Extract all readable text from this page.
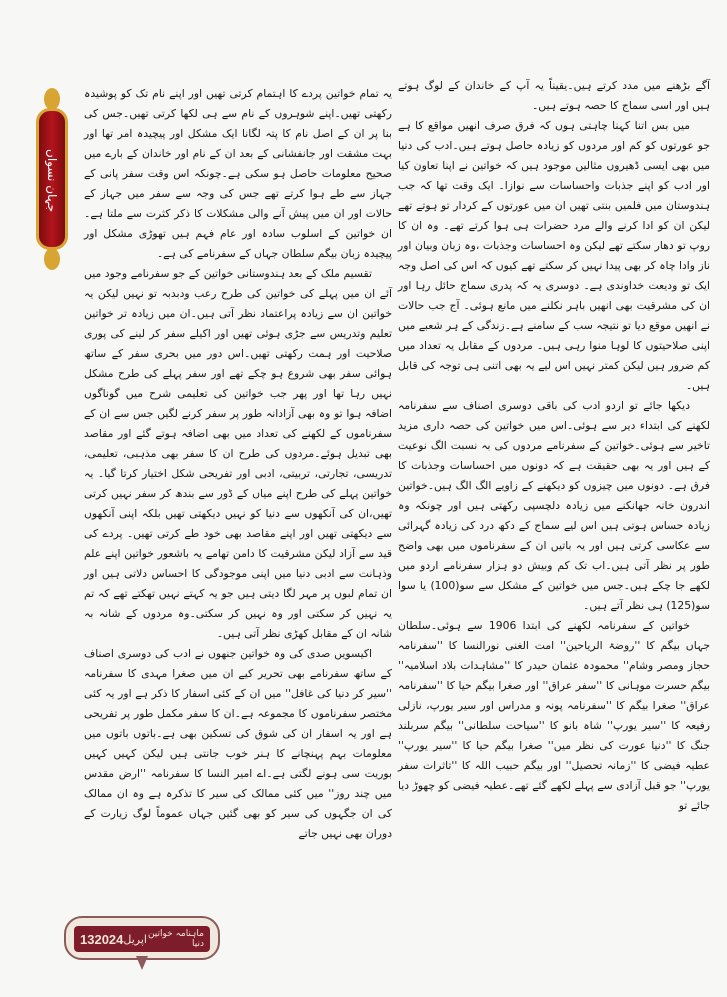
جہان نسواں

آگے بڑھنے میں مدد کرتے ہیں۔یقیناً یہ آپ کے خاندان کے لوگ ہوتے ہیں اور اسی سماج کا حصہ ہوتے ہیں۔

میں بس اتنا کہنا چاہتی ہوں کہ فرق صرف انھیں مواقع کا ہے جو عورتوں کو کم اور مردوں کو زیادہ حاصل ہوتے ہیں۔ادب کی دنیا میں بھی ایسی ڈھیروں مثالیں موجود ہیں کہ خواتین نے اپنا تعاون کیا اور ادب کو اپنے جذبات واحساسات سے نوازا۔ ایک وقت تھا کہ جب ہندوستان میں فلمیں بنتی تھیں ان میں عورتوں کے کردار تو ہوتے تھے لیکن ان کو ادا کرنے والے مرد حضرات ہی ہوا کرتے تھے۔ وہ ان کا روپ تو دھار سکتے تھے لیکن وہ احساسات وجذبات ،وہ زبان وبیان اور ناز وادا چاہ کر بھی پیدا نہیں کر سکتے تھے کیوں کہ اس کی اصل وجہ ایک تو ودیعت خداوندی ہے۔ دوسری یہ کہ پدری سماج حائل رہا اور ان کی مشرقیت بھی انھیں باہر نکلنے میں مانع ہوئی۔ آج جب حالات نے انھیں موقع دیا تو نتیجہ سب کے سامنے ہے۔زندگی کے ہر شعبے میں اپنی صلاحیتوں کا لوہا منوا رہی ہیں۔ مردوں کے مقابل یہ تعداد میں کم ضرور ہیں لیکن کمتر نہیں اس لیے یہ بھی اتنی ہی توجہ کی قابل ہیں۔

دیکھا جائے تو اردو ادب کی باقی دوسری اصناف سے سفرنامہ لکھنے کی ابتداء دیر سے ہوئی۔اس میں خواتین کی حصہ داری مزید تاخیر سے ہوئی۔خواتین کے سفرنامے مردوں کی بہ نسبت الگ نوعیت کے ہیں اور یہ بھی حقیقت ہے کہ دونوں میں احساسات وجذبات کا فرق ہے۔ دونوں میں چیزوں کو دیکھنے کے زاویے الگ الگ ہیں۔خواتین اندرون خانہ جھانکنے میں زیادہ دلچسپی رکھتی ہیں اور چونکہ وہ زیادہ حساس ہوتی ہیں اس لیے سماج کے دکھ درد کی زیادہ گہرائی سے عکاسی کرتی ہیں اور یہ باتیں ان کے سفرناموں میں بھی واضح طور پر نظر آتی ہیں۔اب تک کم وبیش دو ہزار سفرنامے اردو میں لکھے جا چکے ہیں۔جس میں خواتین کے مشکل سے سو(100) یا سوا سو(125) ہی نظر آتے ہیں۔

خواتین کے سفرنامہ لکھنے کی ابتدا 1906 سے ہوئی۔سلطان جہاں بیگم کا ''روضۃ الریاحین'' امت الغنی نورالنسا کا ''سفرنامہ حجاز ومصر وشام'' محمودہ عثمان حیدر کا ''مشاہدات بلاد اسلامیہ'' بیگم حسرت موہانی کا ''سفر عراق'' اور صغرا بیگم حیا کا ''سفرنامہ عراق'' صغرا بیگم کا ''سفرنامہ پونہ و مدراس اور سیر یورپ، نازلی رفیعہ کا ''سیر یورپ'' شاہ بانو کا ''سیاحت سلطانی'' بیگم سربلند جنگ کا ''دنیا عورت کی نظر میں'' صغرا بیگم حیا کا ''سیر یورپ'' عطیہ فیضی کا ''زمانہ تحصیل'' اور بیگم حبیب اللہ کا ''تاثرات سفر یورپ'' جو قبل آزادی سے پہلے لکھے گئے تھے۔عطیہ فیضی کو چھوڑ دیا جائے تو

یہ تمام خواتین پردے کا اہتمام کرتی تھیں اور اپنے نام تک کو پوشیدہ رکھتی تھیں۔اپنے شوہروں کے نام سے ہی لکھا کرتی تھیں۔جس کی بنا پر ان کے اصل نام کا پتہ لگانا ایک مشکل اور پیچیدہ امر تھا اور بہت مشقت اور جانفشانی کے بعد ان کے نام اور خاندان کے بارے میں صحیح معلومات حاصل ہو سکی ہے۔چونکہ اس وقت سفر پانی کے جہاز سے طے ہوا کرتے تھے جس کی وجہ سے سفر میں جہاز کے حالات اور ان میں پیش آنے والی مشکلات کا ذکر کثرت سے ملتا ہے۔ان خواتین کے اسلوب سادہ اور عام فہم ہیں تھوڑی مشکل اور پیچیدہ زبان بیگم سلطان جہاں کے سفرنامے کی ہے۔

تقسیم ملک کے بعد ہندوستانی خواتین کے جو سفرنامے وجود میں آئے ان میں پہلے کی خواتین کی طرح رعب ودبدبہ تو نہیں لیکن یہ خواتین ان سے زیادہ پراعتماد نظر آتی ہیں۔ان میں زیادہ تر خواتین تعلیم وتدریس سے جڑی ہوئی تھیں اور اکیلے سفر کر لینے کی پوری صلاحیت اور ہمت رکھتی تھیں۔اس دور میں بحری سفر کے ساتھ ہوائی سفر بھی شروع ہو چکے تھے اور سفر پہلے کی طرح مشکل نہیں رہا تھا اور پھر جب خواتین کی تعلیمی شرح میں گوناگوں اضافہ ہوا تو وہ بھی آزادانہ طور پر سفر کرنے لگیں جس سے ان کے سفرناموں کے لکھنے کی تعداد میں بھی اضافہ ہوتے گئے اور مقاصد بھی تبدیل ہوئے۔مردوں کی طرح ان کا سفر بھی مذہبی، تعلیمی، تدریسی، تجارتی، تربیتی، ادبی اور تفریحی شکل اختیار کرتا گیا۔ یہ خواتین پہلے کی طرح اپنے میاں کے ڈور سے بندھ کر سفر نہیں کرتی تھیں،ان کی آنکھوں سے دنیا کو نہیں دیکھتی تھیں بلکہ اپنی آنکھوں سے دیکھتی تھیں اور اپنے مقاصد بھی خود طے کرتی تھیں۔ پردے کی قید سے آزاد لیکن مشرقیت کا دامن تھامے یہ باشعور خواتین اپنے علم وذہانت سے ادبی دنیا میں اپنی موجودگی کا احساس دلاتی ہیں اور ان تمام لبوں پر مہر لگا دیتی ہیں جو یہ کہتے نہیں تھکتے تھے کہ تم یہ نہیں کر سکتی اور وہ نہیں کر سکتی۔وہ مردوں کے شانہ بہ شانہ ان کے مقابل کھڑی نظر آتی ہیں۔

اکیسویں صدی کی وہ خواتین جنھوں نے ادب کی دوسری اصناف کے ساتھ سفرنامے بھی تحریر کیے ان میں صغرا مہدی کا سفرنامہ ''سیر کر دنیا کی غافل'' میں ان کے کئی اسفار کا ذکر ہے اور یہ کئی مختصر سفرناموں کا مجموعہ ہے۔ان کا سفر مکمل طور پر تفریحی ہے اور یہ اسفار ان کی شوق کی تسکین بھی ہے۔باتوں باتوں میں معلومات بہم پہنچانے کا ہنر خوب جانتی ہیں لیکن کہیں کہیں بوریت سی ہونے لگتی ہے۔اے امیر النسا کا سفرنامہ ''ارض مقدس میں چند روز'' میں کئی ممالک کی سیر کا تذکرہ ہے وہ ان ممالک کی ان جگہوں کی سیر کو بھی گئیں جہاں عموماً لوگ زیارت کے دوران بھی نہیں جاتے

ماہنامہ خواتین دنیا
اپریل
2024
13
